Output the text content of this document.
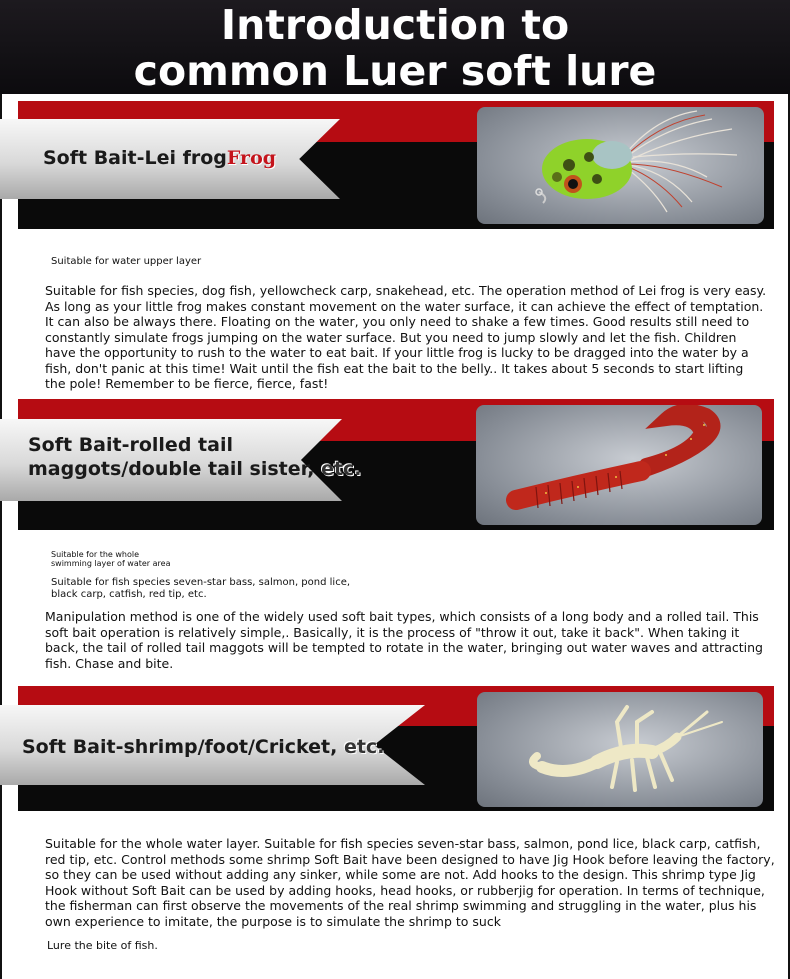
Introduction to
common Luer soft lure
Soft Bait-Lei frogFrog
Suitable for water upper layer
Suitable for fish species, dog fish, yellowcheck carp, snakehead, etc. The operation method of Lei frog is very easy. As long as your little frog makes constant movement on the water surface, it can achieve the effect of temptation. It can also be always there. Floating on the water, you only need to shake a few times. Good results still need to constantly simulate frogs jumping on the water surface. But you need to jump slowly and let the fish. Children have the opportunity to rush to the water to eat bait. If your little frog is lucky to be dragged into the water by a fish, don't panic at this time! Wait until the fish eat the bait to the belly.. It takes about 5 seconds to start lifting the pole! Remember to be fierce, fierce, fast!
Soft Bait-rolled tail
maggots/double tail sister, etc.
Suitable for the whole
swimming layer of water area
Suitable for fish species seven-star bass, salmon, pond lice,
black carp, catfish, red tip, etc.
Manipulation method is one of the widely used soft bait types, which consists of a long body and a rolled tail. This soft bait operation is relatively simple,. Basically, it is the process of "throw it out, take it back". When taking it back, the tail of rolled tail maggots will be tempted to rotate in the water, bringing out water waves and attracting fish. Chase and bite.
Soft Bait-shrimp/foot/Cricket, etc.
Suitable for the whole water layer. Suitable for fish species seven-star bass, salmon, pond lice, black carp, catfish, red tip, etc. Control methods some shrimp Soft Bait have been designed to have Jig Hook before leaving the factory, so they can be used without adding any sinker, while some are not. Add hooks to the design. This shrimp type Jig Hook without Soft Bait can be used by adding hooks, head hooks, or rubberjig for operation. In terms of technique, the fisherman can first observe the movements of the real shrimp swimming and struggling in the water, plus his own experience to imitate, the purpose is to simulate the shrimp to suck
Lure the bite of fish.
